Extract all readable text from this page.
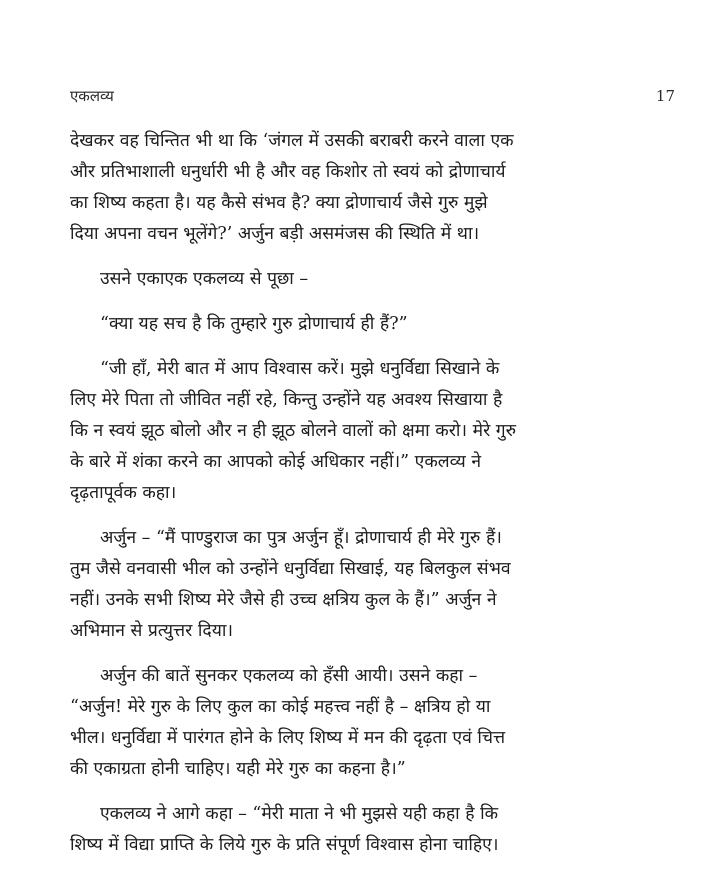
एकलव्य	17
देखकर वह चिन्तित भी था कि ‘जंगल में उसकी बराबरी करने वाला एक
और प्रतिभाशाली धनुर्धारी भी है और वह किशोर तो स्वयं को द्रोणाचार्य
का शिष्य कहता है। यह कैसे संभव है? क्या द्रोणाचार्य जैसे गुरु मुझे
दिया अपना वचन भूलेंगे?’ अर्जुन बड़ी असमंजस की स्थिति में था।
उसने एकाएक एकलव्य से पूछा –
“क्या यह सच है कि तुम्हारे गुरु द्रोणाचार्य ही हैं?”
“जी हाँ, मेरी बात में आप विश्वास करें। मुझे धनुर्विद्या सिखाने के
लिए मेरे पिता तो जीवित नहीं रहे, किन्तु उन्होंने यह अवश्य सिखाया है
कि न स्वयं झूठ बोलो और न ही झूठ बोलने वालों को क्षमा करो। मेरे गुरु
के बारे में शंका करने का आपको कोई अधिकार नहीं।” एकलव्य ने
दृढ़तापूर्वक कहा।
अर्जुन – “मैं पाण्डुराज का पुत्र अर्जुन हूँ। द्रोणाचार्य ही मेरे गुरु हैं।
तुम जैसे वनवासी भील को उन्होंने धनुर्विद्या सिखाई, यह बिलकुल संभव
नहीं। उनके सभी शिष्य मेरे जैसे ही उच्च क्षत्रिय कुल के हैं।” अर्जुन ने
अभिमान से प्रत्युत्तर दिया।
अर्जुन की बातें सुनकर एकलव्य को हँसी आयी। उसने कहा –
“अर्जुन! मेरे गुरु के लिए कुल का कोई महत्त्व नहीं है – क्षत्रिय हो या
भील। धनुर्विद्या में पारंगत होने के लिए शिष्य में मन की दृढ़ता एवं चित्त
की एकाग्रता होनी चाहिए। यही मेरे गुरु का कहना है।”
एकलव्य ने आगे कहा – “मेरी माता ने भी मुझसे यही कहा है कि
शिष्य में विद्या प्राप्ति के लिये गुरु के प्रति संपूर्ण विश्वास होना चाहिए।
